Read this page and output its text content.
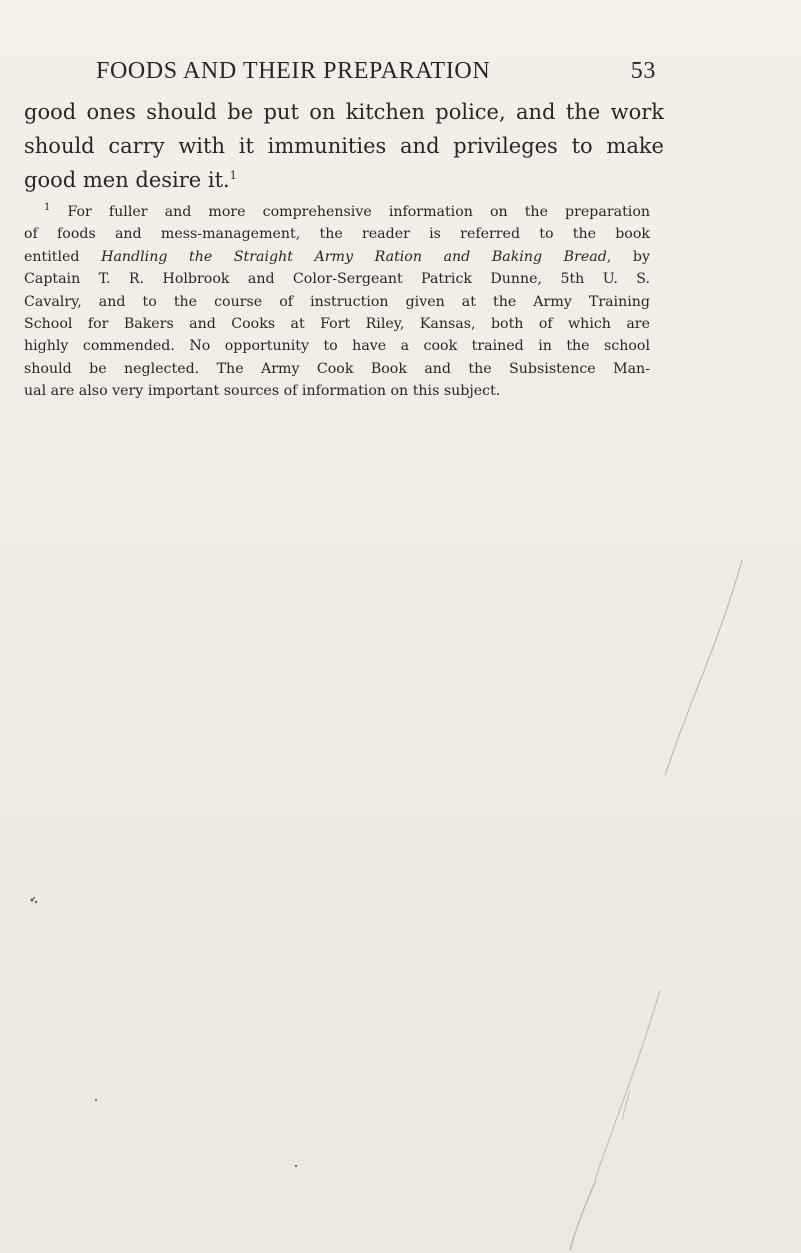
FOODS AND THEIR PREPARATION	53

good ones should be put on kitchen police, and the work
should carry with it immunities and privileges to make
good men desire it.$^1$

$^1$ For fuller and more comprehensive information on the preparation
of foods and mess-management, the reader is referred to the book
entitled Handling the Straight Army Ration and Baking Bread, by
Captain T. R. Holbrook and Color-Sergeant Patrick Dunne, 5th U. S.
Cavalry, and to the course of instruction given at the Army Training
School for Bakers and Cooks at Fort Riley, Kansas, both of which are
highly commended. No opportunity to have a cook trained in the school
should be neglected. The Army Cook Book and the Subsistence Man-
ual are also very important sources of information on this subject.
